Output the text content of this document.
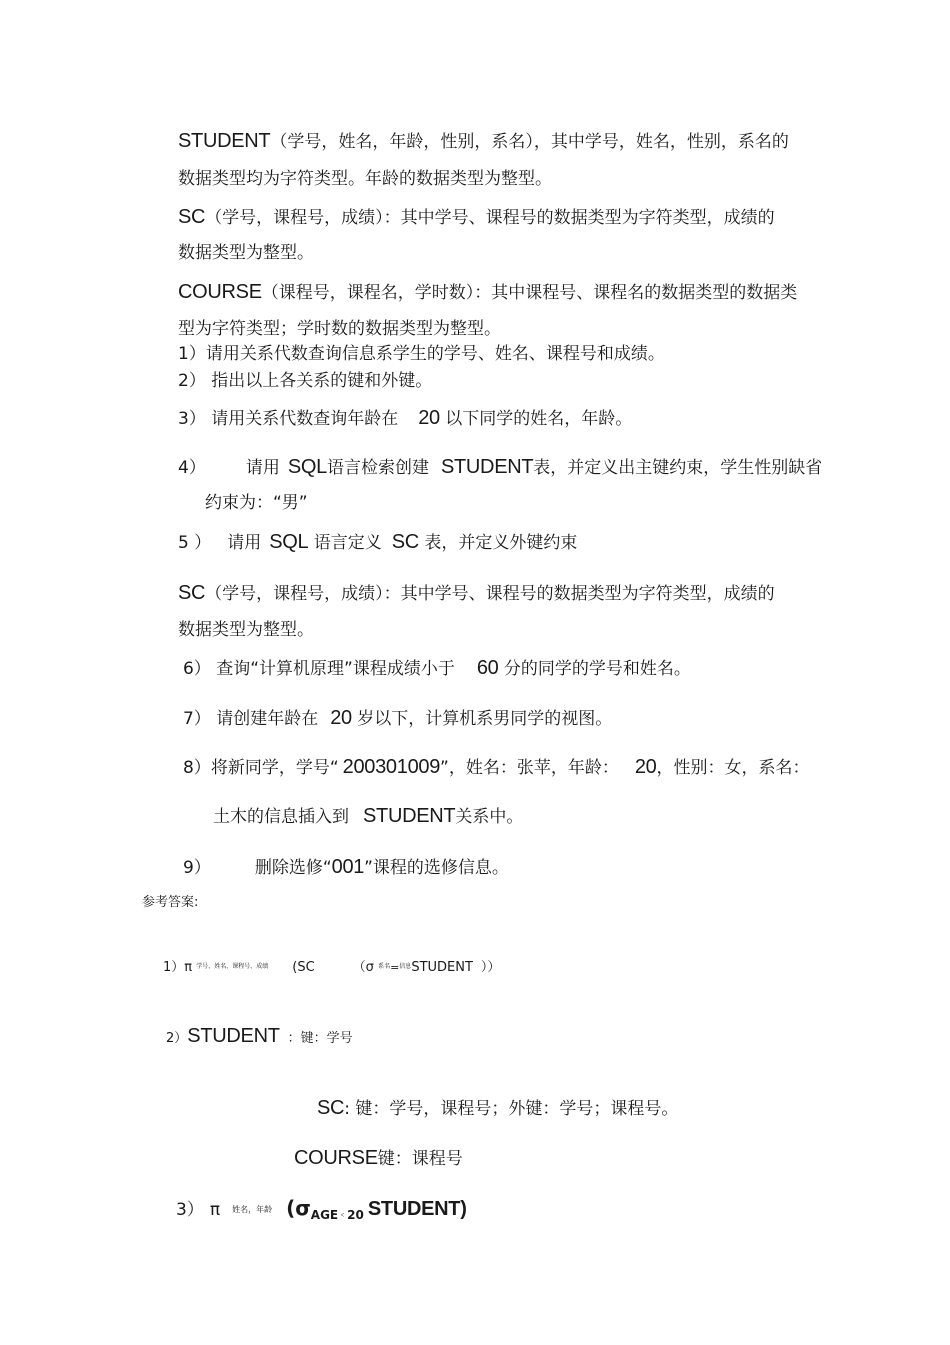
STUDENT（学号，姓名，年龄，性别，系名），其中学号，姓名，性别，系名的
数据类型均为字符类型。年龄的数据类型为整型。
SC（学号，课程号，成绩）：其中学号、课程号的数据类型为字符类型，成绩的
数据类型为整型。
COURSE（课程号，课程名，学时数）：其中课程号、课程名的数据类型的数据类
型为字符类型；学时数的数据类型为整型。
1）请用关系代数查询信息系学生的学号、姓名、课程号和成绩。
2） 指出以上各关系的键和外键。
3） 请用关系代数查询年龄在 20 以下同学的姓名，年龄。
4） 请用 SQL语言检索创建 STUDENT表，并定义出主键约束，学生性别缺省
约束为：“男”
5 ） 请用 SQL 语言定义 SC 表，并定义外键约束
SC（学号，课程号，成绩）：其中学号、课程号的数据类型为字符类型，成绩的
数据类型为整型。
6） 查询“计算机原理”课程成绩小于 60 分的同学的学号和姓名。
7） 请创建年龄在 20 岁以下，计算机系男同学的视图。
8）将新同学，学号“ 200301009”，姓名：张苹，年龄： 20，性别：女，系名：
土木的信息插入到 STUDENT关系中。
9）	删除选修“001”课程的选修信息。
参考答案:
1）π $^{学号、姓名、课程号、成绩}$ (SC	（σ $^{系名}$=$^{信息}$STUDENT ））
2）STUDENT ：键：学号
SC: 键：学号，课程号；外键：学号；课程号。
COURSE键：课程号
3） π 姓名，年龄 ($\sigma_{AGE}﹤_{20}$ STUDENT)
